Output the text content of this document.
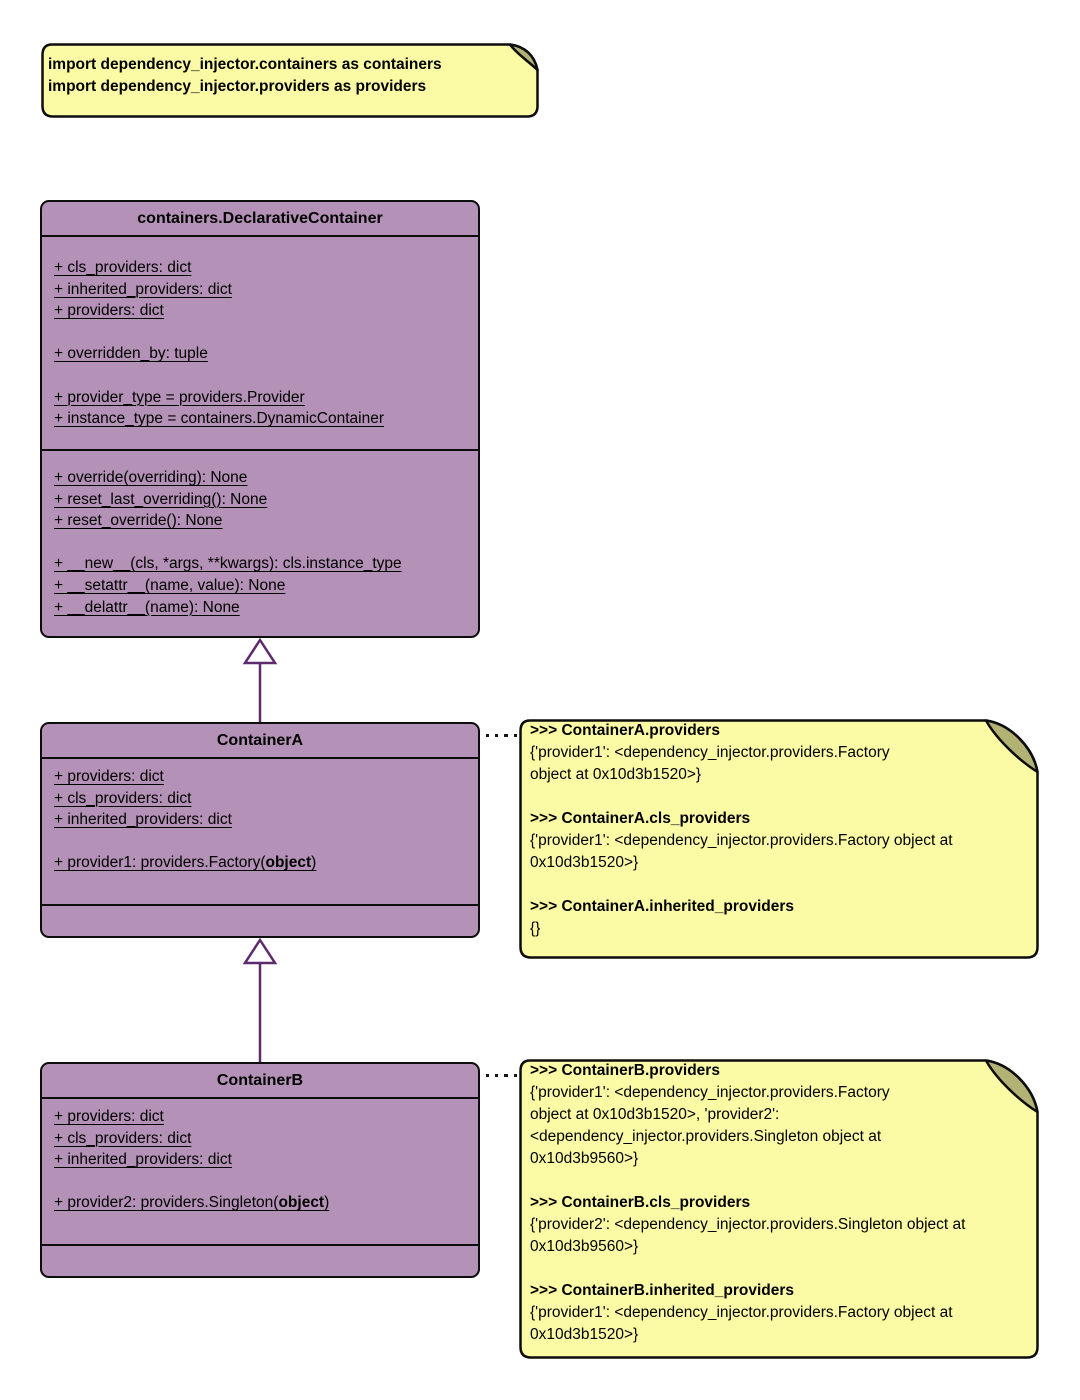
import dependency_injector.containers as containers
import dependency_injector.providers as providers
containers.DeclarativeContainer
+ cls_providers: dict
+ inherited_providers: dict
+ providers: dict
+ overridden_by: tuple
+ provider_type = providers.Provider
+ instance_type = containers.DynamicContainer
+ override(overriding): None
+ reset_last_overriding(): None
+ reset_override(): None
+ __new__(cls, *args, **kwargs): cls.instance_type
+ __setattr__(name, value): None
+ __delattr__(name): None
ContainerA
+ providers: dict
+ cls_providers: dict
+ inherited_providers: dict
+ provider1: providers.Factory(object)
ContainerB
+ providers: dict
+ cls_providers: dict
+ inherited_providers: dict
+ provider2: providers.Singleton(object)
>>> ContainerA.providers
{'provider1': <dependency_injector.providers.Factory
object at 0x10d3b1520>}
>>> ContainerA.cls_providers
{'provider1': <dependency_injector.providers.Factory object at
0x10d3b1520>}
>>> ContainerA.inherited_providers
{}
>>> ContainerB.providers
{'provider1': <dependency_injector.providers.Factory
object at 0x10d3b1520>, 'provider2':
<dependency_injector.providers.Singleton object at
0x10d3b9560>}
>>> ContainerB.cls_providers
{'provider2': <dependency_injector.providers.Singleton object at
0x10d3b9560>}
>>> ContainerB.inherited_providers
{'provider1': <dependency_injector.providers.Factory object at
0x10d3b1520>}
